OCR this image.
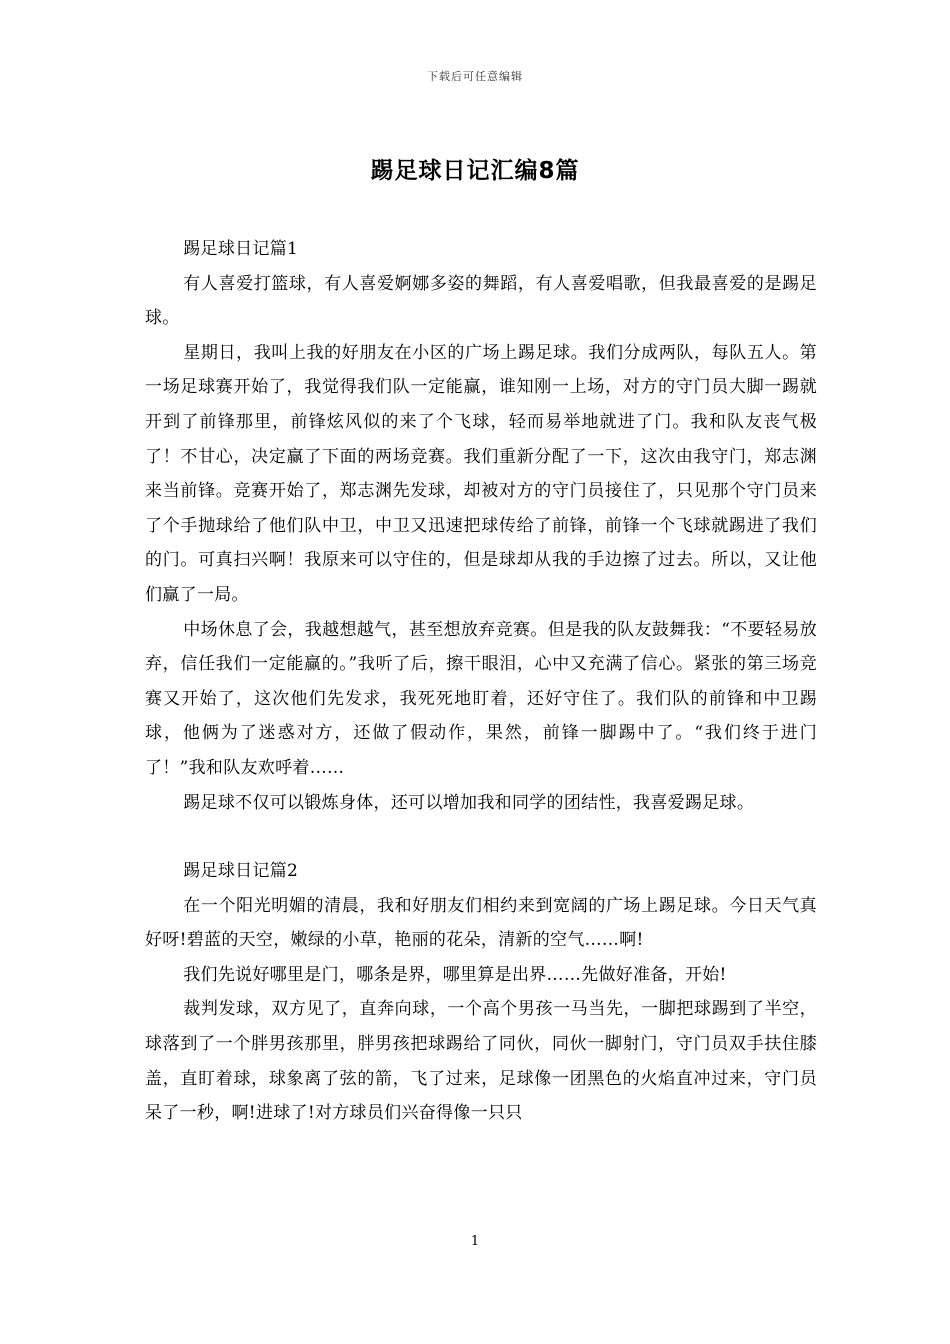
下载后可任意编辑
踢足球日记汇编8篇

踢足球日记篇1

有人喜爱打篮球，有人喜爱婀娜多姿的舞蹈，有人喜爱唱歌，但我最喜爱的是踢足球。

星期日，我叫上我的好朋友在小区的广场上踢足球。我们分成两队，每队五人。第一场足球赛开始了，我觉得我们队一定能赢，谁知刚一上场，对方的守门员大脚一踢就开到了前锋那里，前锋炫风似的来了个飞球，轻而易举地就进了门。我和队友丧气极了！不甘心，决定赢了下面的两场竞赛。我们重新分配了一下，这次由我守门，郑志渊来当前锋。竞赛开始了，郑志渊先发球，却被对方的守门员接住了，只见那个守门员来了个手抛球给了他们队中卫，中卫又迅速把球传给了前锋，前锋一个飞球就踢进了我们的门。可真扫兴啊！我原来可以守住的，但是球却从我的手边擦了过去。所以，又让他们赢了一局。

中场休息了会，我越想越气，甚至想放弃竞赛。但是我的队友鼓舞我：“不要轻易放弃，信任我们一定能赢的。”我听了后，擦干眼泪，心中又充满了信心。紧张的第三场竞赛又开始了，这次他们先发求，我死死地盯着，还好守住了。我们队的前锋和中卫踢球，他俩为了迷惑对方，还做了假动作，果然，前锋一脚踢中了。“我们终于进门了！”我和队友欢呼着……

踢足球不仅可以锻炼身体，还可以增加我和同学的团结性，我喜爱踢足球。

踢足球日记篇2

在一个阳光明媚的清晨，我和好朋友们相约来到宽阔的广场上踢足球。今日天气真好呀!碧蓝的天空，嫩绿的小草，艳丽的花朵，清新的空气……啊!

我们先说好哪里是门，哪条是界，哪里算是出界……先做好准备，开始!

裁判发球，双方见了，直奔向球，一个高个男孩一马当先，一脚把球踢到了半空，球落到了一个胖男孩那里，胖男孩把球踢给了同伙，同伙一脚射门，守门员双手扶住膝盖，直盯着球，球象离了弦的箭，飞了过来，足球像一团黑色的火焰直冲过来，守门员呆了一秒，啊!进球了!对方球员们兴奋得像一只只

1
